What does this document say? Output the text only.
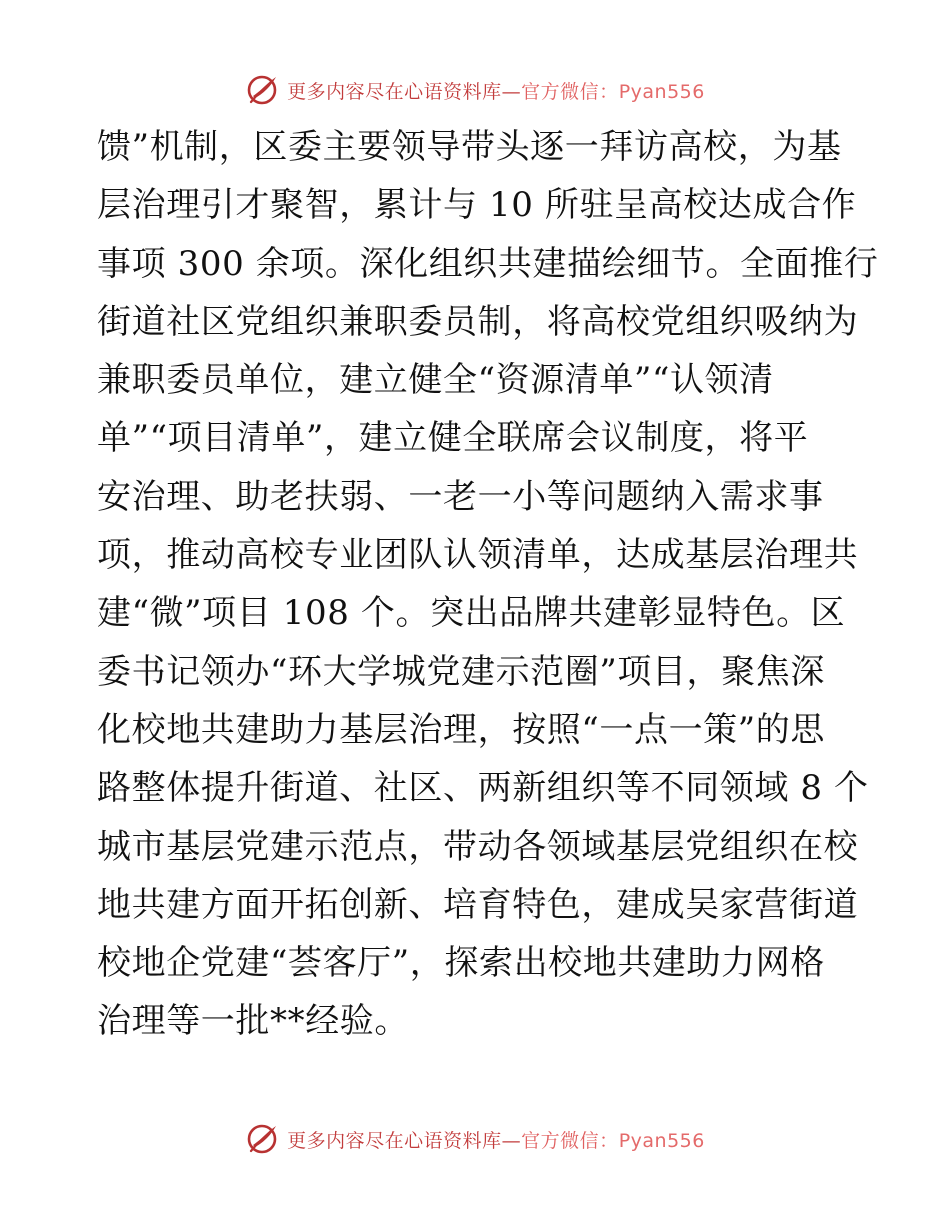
更多内容尽在心语资料库—官方微信：Pyan556
馈”机制，区委主要领导带头逐一拜访高校，为基
层治理引才聚智，累计与 10 所驻呈高校达成合作
事项 300 余项。深化组织共建描绘细节。全面推行
街道社区党组织兼职委员制，将高校党组织吸纳为
兼职委员单位，建立健全“资源清单”“认领清
单”“项目清单”，建立健全联席会议制度，将平
安治理、助老扶弱、一老一小等问题纳入需求事
项，推动高校专业团队认领清单，达成基层治理共
建“微”项目 108 个。突出品牌共建彰显特色。区
委书记领办“环大学城党建示范圈”项目，聚焦深
化校地共建助力基层治理，按照“一点一策”的思
路整体提升街道、社区、两新组织等不同领域 8 个
城市基层党建示范点，带动各领域基层党组织在校
地共建方面开拓创新、培育特色，建成吴家营街道
校地企党建“荟客厅”，探索出校地共建助力网格
治理等一批**经验。
更多内容尽在心语资料库—官方微信：Pyan556
